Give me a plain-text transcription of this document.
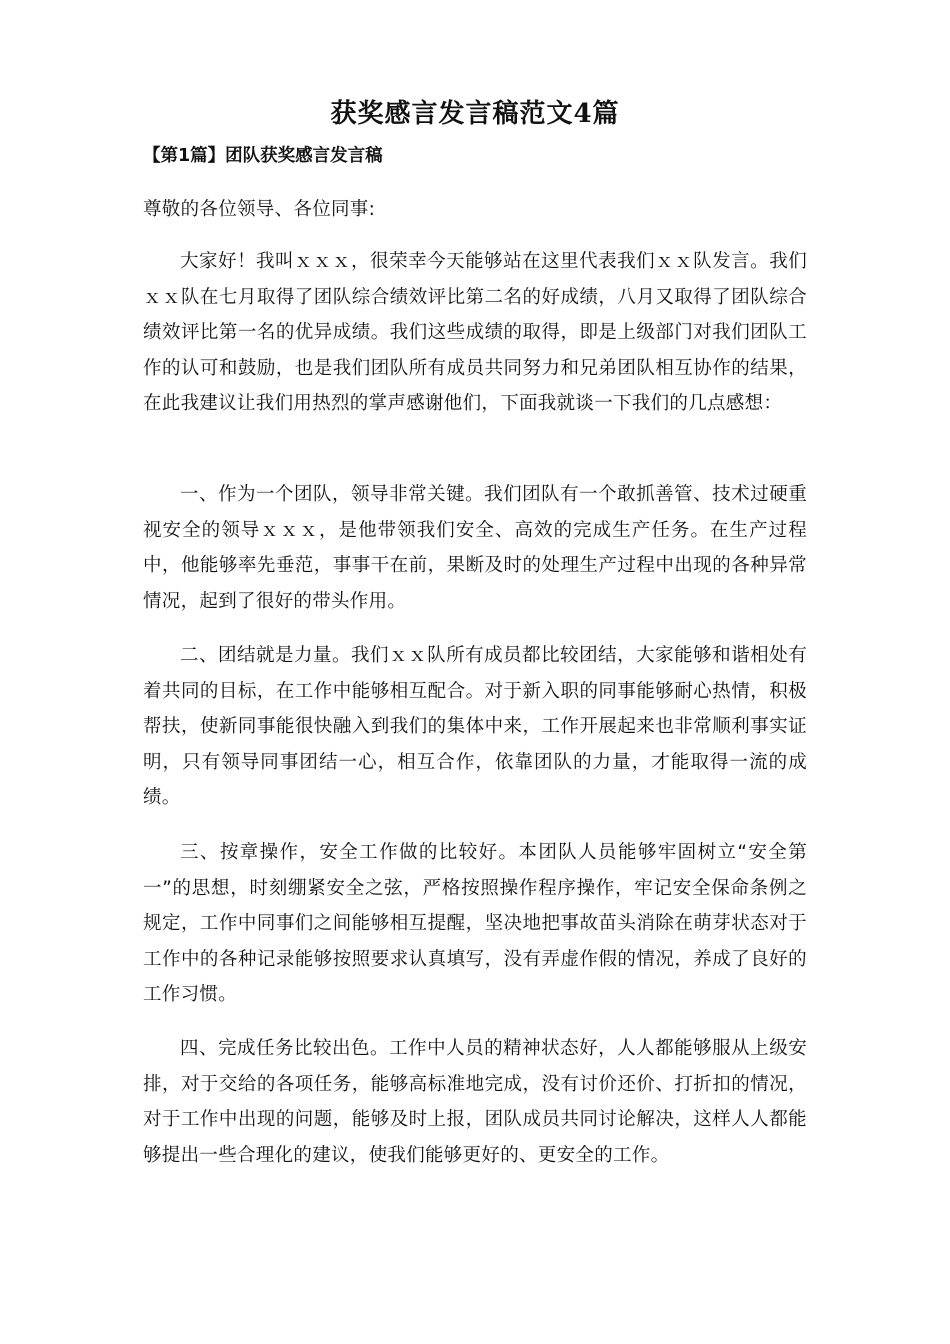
获奖感言发言稿范文4篇
【第1篇】团队获奖感言发言稿

尊敬的各位领导、各位同事:

大家好！我叫ｘｘｘ，很荣幸今天能够站在这里代表我们ｘｘ队发言。我们ｘｘ队在七月取得了团队综合绩效评比第二名的好成绩，八月又取得了团队综合绩效评比第一名的优异成绩。我们这些成绩的取得，即是上级部门对我们团队工作的认可和鼓励，也是我们团队所有成员共同努力和兄弟团队相互协作的结果，在此我建议让我们用热烈的掌声感谢他们，下面我就谈一下我们的几点感想：

一、作为一个团队，领导非常关键。我们团队有一个敢抓善管、技术过硬重视安全的领导ｘｘｘ，是他带领我们安全、高效的完成生产任务。在生产过程中，他能够率先垂范，事事干在前，果断及时的处理生产过程中出现的各种异常情况，起到了很好的带头作用。

二、团结就是力量。我们ｘｘ队所有成员都比较团结，大家能够和谐相处有着共同的目标，在工作中能够相互配合。对于新入职的同事能够耐心热情，积极帮扶，使新同事能很快融入到我们的集体中来，工作开展起来也非常顺利事实证明，只有领导同事团结一心，相互合作，依靠团队的力量，才能取得一流的成绩。

三、按章操作，安全工作做的比较好。本团队人员能够牢固树立“安全第一”的思想，时刻绷紧安全之弦，严格按照操作程序操作，牢记安全保命条例之规定，工作中同事们之间能够相互提醒，坚决地把事故苗头消除在萌芽状态对于工作中的各种记录能够按照要求认真填写，没有弄虚作假的情况，养成了良好的工作习惯。

四、完成任务比较出色。工作中人员的精神状态好，人人都能够服从上级安排，对于交给的各项任务，能够高标准地完成，没有讨价还价、打折扣的情况，对于工作中出现的问题，能够及时上报，团队成员共同讨论解决，这样人人都能够提出一些合理化的建议，使我们能够更好的、更安全的工作。
